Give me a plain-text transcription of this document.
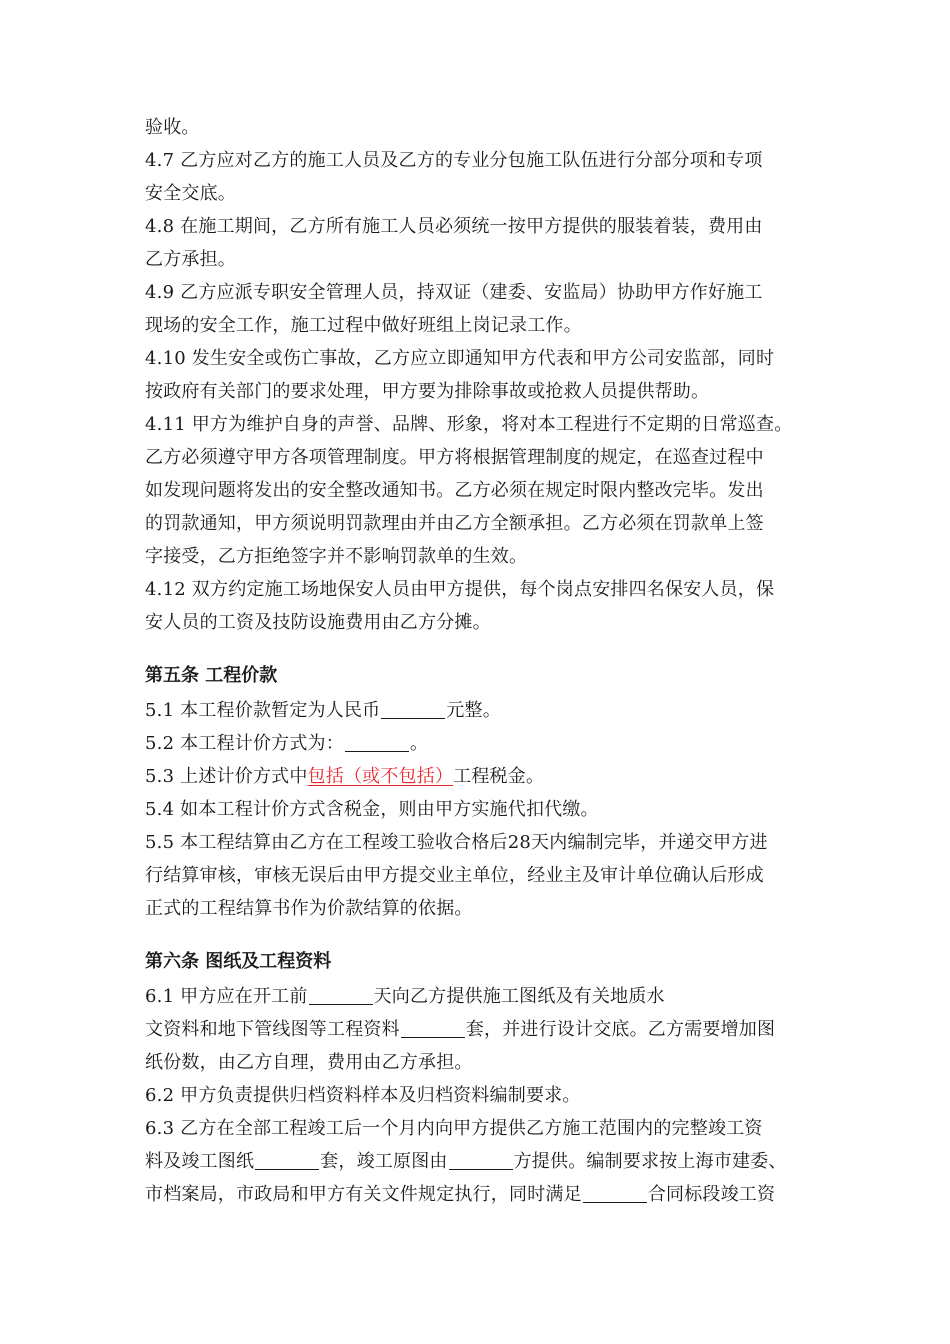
验收。

4.7 乙方应对乙方的施工人员及乙方的专业分包施工队伍进行分部分项和专项

安全交底。

4.8 在施工期间，乙方所有施工人员必须统一按甲方提供的服装着装，费用由

乙方承担。

4.9 乙方应派专职安全管理人员，持双证（建委、安监局）协助甲方作好施工

现场的安全工作，施工过程中做好班组上岗记录工作。

4.10 发生安全或伤亡事故，乙方应立即通知甲方代表和甲方公司安监部，同时

按政府有关部门的要求处理，甲方要为排除事故或抢救人员提供帮助。

4.11 甲方为维护自身的声誉、品牌、形象，将对本工程进行不定期的日常巡查。

乙方必须遵守甲方各项管理制度。甲方将根据管理制度的规定，在巡查过程中

如发现问题将发出的安全整改通知书。乙方必须在规定时限内整改完毕。发出

的罚款通知，甲方须说明罚款理由并由乙方全额承担。乙方必须在罚款单上签

字接受，乙方拒绝签字并不影响罚款单的生效。

4.12 双方约定施工场地保安人员由甲方提供，每个岗点安排四名保安人员，保

安人员的工资及技防设施费用由乙方分摊。

第五条 工程价款

5.1 本工程价款暂定为人民币	元整。

5.2 本工程计价方式为：	。

5.3 上述计价方式中包括（或不包括）工程税金。

5.4 如本工程计价方式含税金，则由甲方实施代扣代缴。

5.5 本工程结算由乙方在工程竣工验收合格后28天内编制完毕，并递交甲方进

行结算审核，审核无误后由甲方提交业主单位，经业主及审计单位确认后形成

正式的工程结算书作为价款结算的依据。

第六条 图纸及工程资料

6.1 甲方应在开工前	天向乙方提供施工图纸及有关地质水

文资料和地下管线图等工程资料	套，并进行设计交底。乙方需要增加图

纸份数，由乙方自理，费用由乙方承担。

6.2 甲方负责提供归档资料样本及归档资料编制要求。

6.3 乙方在全部工程竣工后一个月内向甲方提供乙方施工范围内的完整竣工资

料及竣工图纸	套，竣工原图由	方提供。编制要求按上海市建委、

市档案局，市政局和甲方有关文件规定执行，同时满足	合同标段竣工资
